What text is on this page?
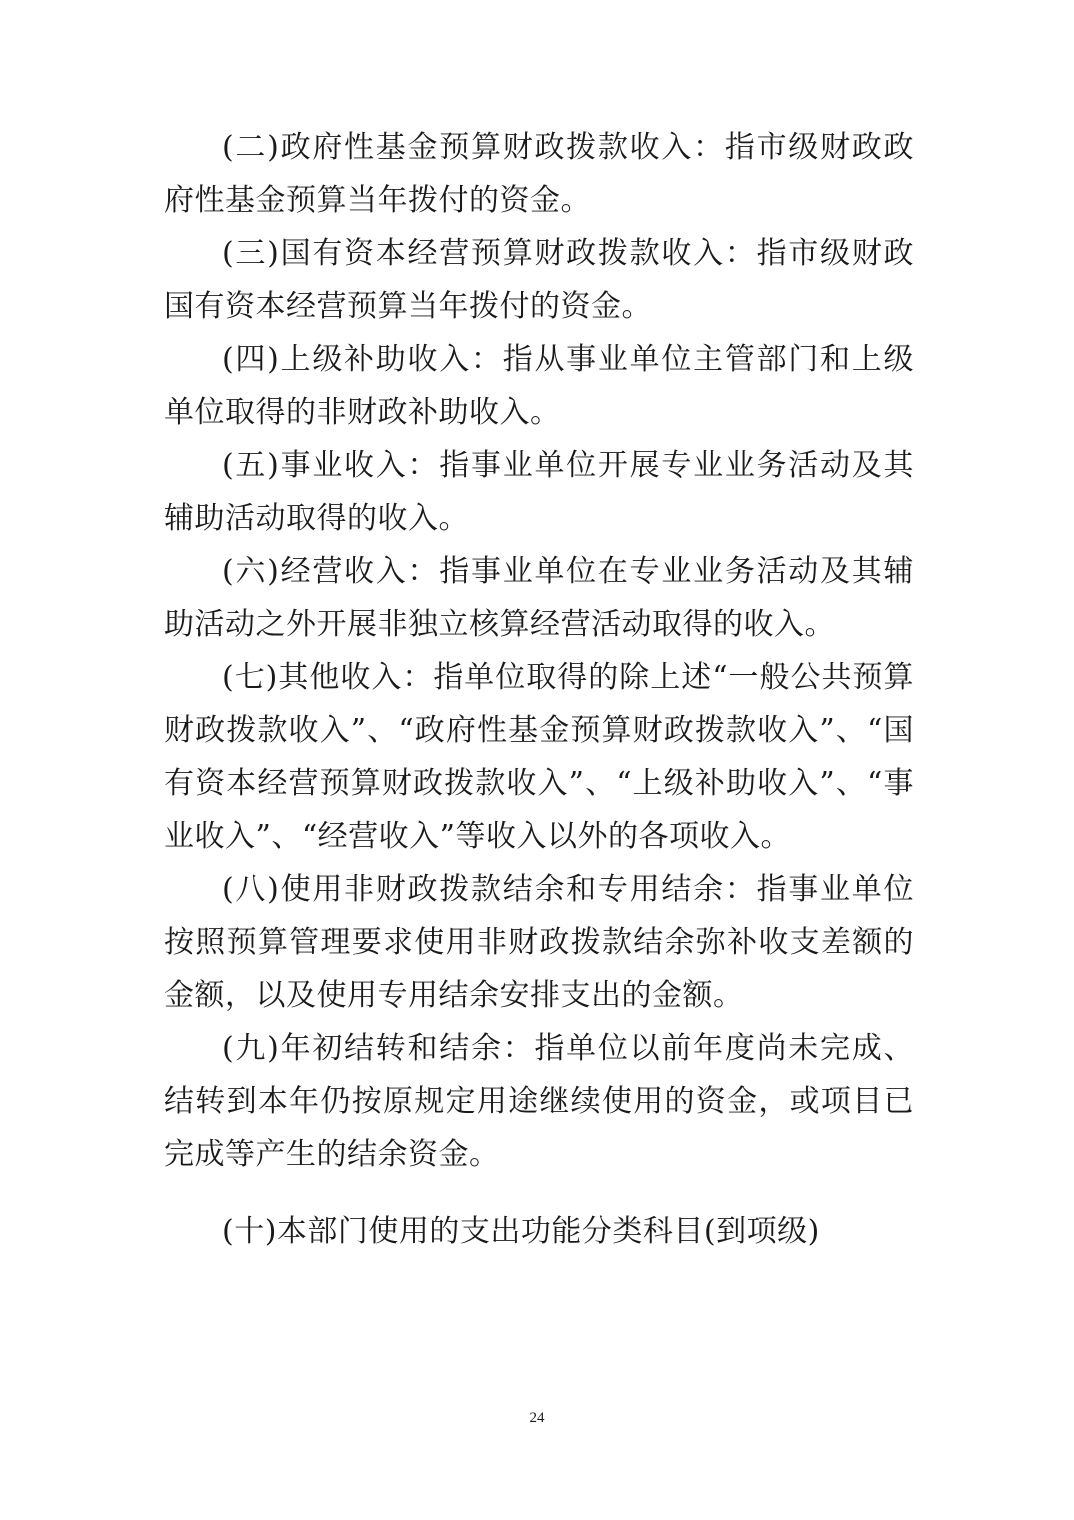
(二)政府性基金预算财政拨款收入：指市级财政政府性基金预算当年拨付的资金。

(三)国有资本经营预算财政拨款收入：指市级财政国有资本经营预算当年拨付的资金。

(四)上级补助收入：指从事业单位主管部门和上级单位取得的非财政补助收入。

(五)事业收入：指事业单位开展专业业务活动及其辅助活动取得的收入。

(六)经营收入：指事业单位在专业业务活动及其辅助活动之外开展非独立核算经营活动取得的收入。

(七)其他收入：指单位取得的除上述“一般公共预算财政拨款收入”、“政府性基金预算财政拨款收入”、“国有资本经营预算财政拨款收入”、“上级补助收入”、“事业收入”、“经营收入”等收入以外的各项收入。

(八)使用非财政拨款结余和专用结余：指事业单位按照预算管理要求使用非财政拨款结余弥补收支差额的金额，以及使用专用结余安排支出的金额。

(九)年初结转和结余：指单位以前年度尚未完成、结转到本年仍按原规定用途继续使用的资金，或项目已完成等产生的结余资金。

(十)本部门使用的支出功能分类科目(到项级)

24
